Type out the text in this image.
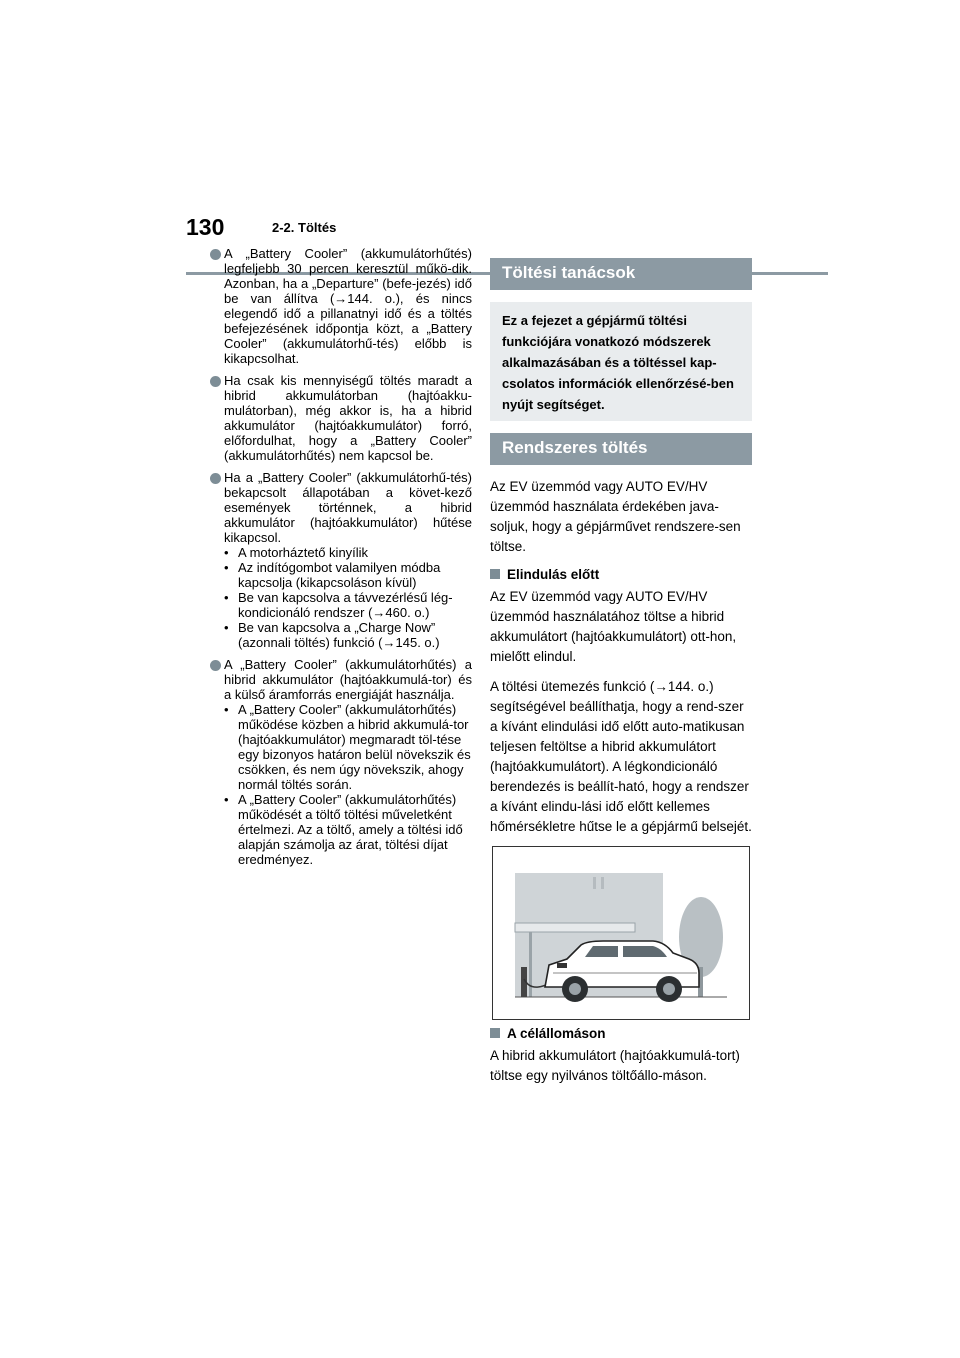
130	2-2. Töltés
A „Battery Cooler” (akkumulátorhűtés) legfeljebb 30 percen keresztül műkö-dik. Azonban, ha a „Departure” (befe-jezés) idő be van állítva (→144. o.), és nincs elegendő idő a pillanatnyi idő és a töltés befejezésének időpontja közt, a „Battery Cooler” (akkumulátorhű-tés) előbb is kikapcsolhat.
Ha csak kis mennyiségű töltés maradt a hibrid akkumulátorban (hajtóakku-mulátorban), még akkor is, ha a hibrid akkumulátor (hajtóakkumulátor) forró, előfordulhat, hogy a „Battery Cooler” (akkumulátorhűtés) nem kapcsol be.
Ha a „Battery Cooler” (akkumulátorhű-tés) bekapcsolt állapotában a követ-kező események történnek, a hibrid akkumulátor (hajtóakkumulátor) hűtése kikapcsol.
• A motorháztető kinyílik
• Az indítógombot valamilyen módba kapcsolja (kikapcsoláson kívül)
• Be van kapcsolva a távvezérlésű lég-kondicionáló rendszer (→460. o.)
• Be van kapcsolva a „Charge Now” (azonnali töltés) funkció (→145. o.)
A „Battery Cooler” (akkumulátorhűtés) a hibrid akkumulátor (hajtóakkumulá-tor) és a külső áramforrás energiáját használja.
• A „Battery Cooler” (akkumulátorhűtés) működése közben a hibrid akkumulá-tor (hajtóakkumulátor) megmaradt töl-tése egy bizonyos határon belül növekszik és csökken, és nem úgy növekszik, ahogy normál töltés során.
• A „Battery Cooler” (akkumulátorhűtés) működését a töltő töltési műveletként értelmezi. Az a töltő, amely a töltési idő alapján számolja az árat, töltési díjat eredményez.
Töltési tanácsok
Ez a fejezet a gépjármű töltési funkciójára vonatkozó módszerek alkalmazásában és a töltéssel kap-csolatos információk ellenőrzésé-ben nyújt segítséget.
Rendszeres töltés
Az EV üzemmód vagy AUTO EV/HV üzemmód használata érdekében java-soljuk, hogy a gépjárművet rendszere-sen töltse.
Elindulás előtt
Az EV üzemmód vagy AUTO EV/HV üzemmód használatához töltse a hibrid akkumulátort (hajtóakkumulátort) ott-hon, mielőtt elindul.
A töltési ütemezés funkció (→144. o.) segítségével beállíthatja, hogy a rend-szer a kívánt elindulási idő előtt auto-matikusan teljesen feltöltse a hibrid akkumulátort (hajtóakkumulátort). A légkondicionáló berendezés is beállít-ható, hogy a rendszer a kívánt elindu-lási idő előtt kellemes hőmérsékletre hűtse le a gépjármű belsejét.
A célállomáson
A hibrid akkumulátort (hajtóakkumulá-tort) töltse egy nyilvános töltőállo-máson.
